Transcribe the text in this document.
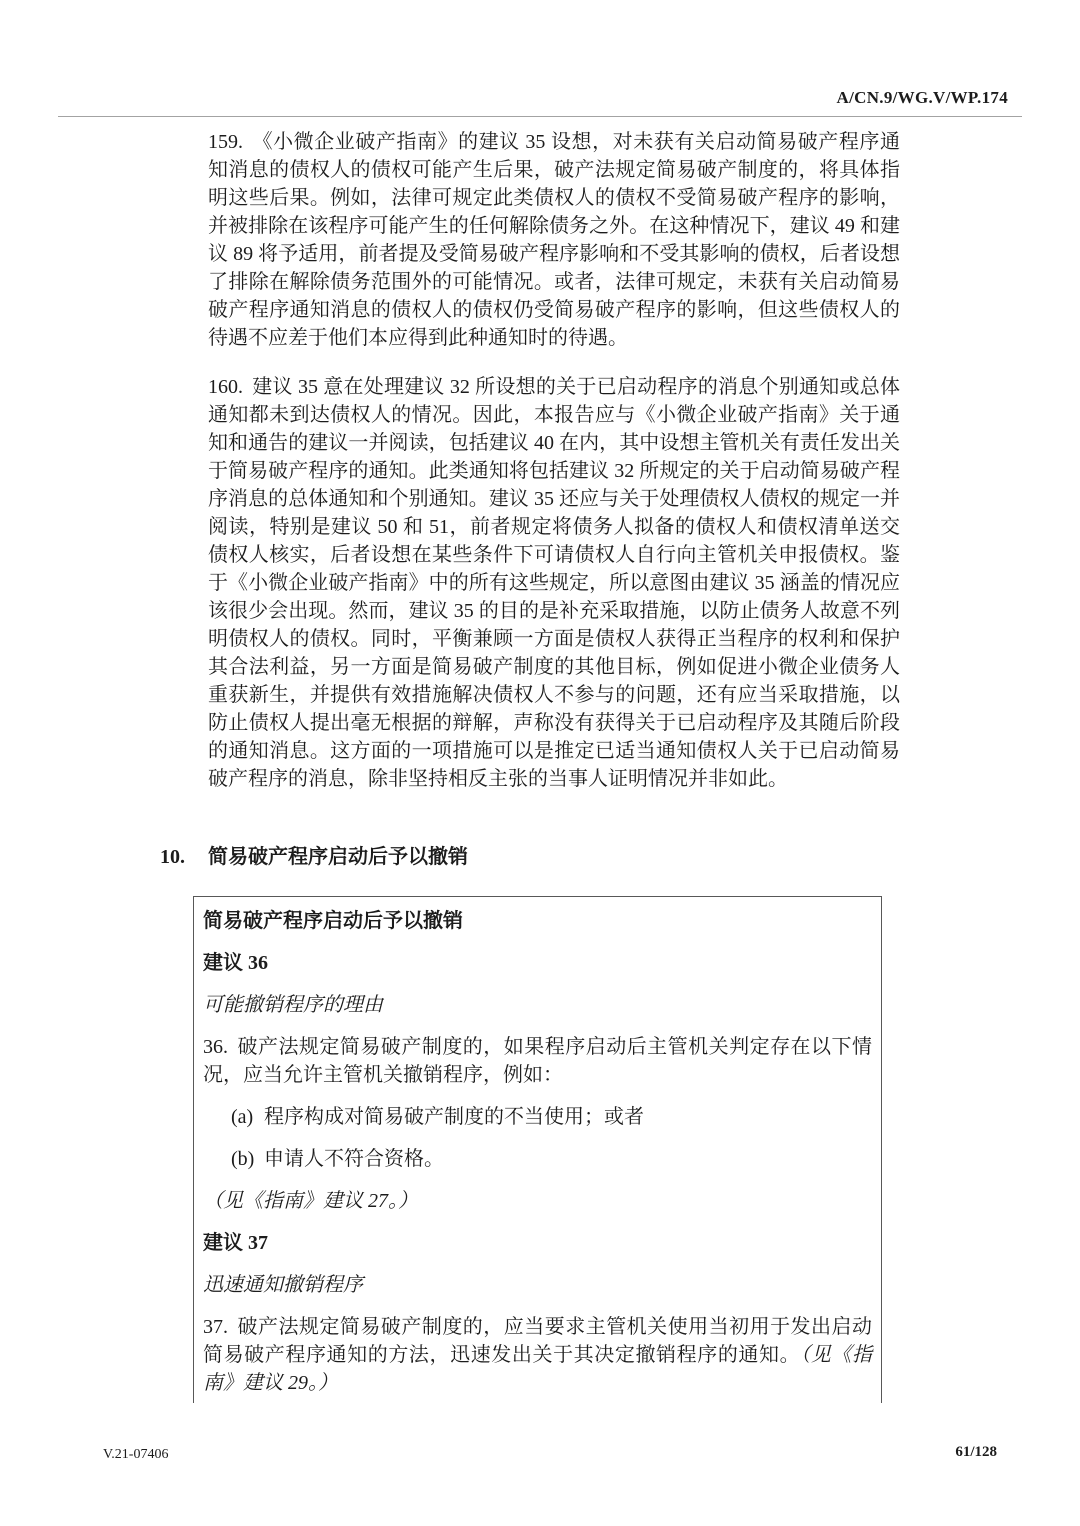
A/CN.9/WG.V/WP.174

159. 《小微企业破产指南》的建议 35 设想，对未获有关启动简易破产程序通知消息的债权人的债权可能产生后果，破产法规定简易破产制度的，将具体指明这些后果。例如，法律可规定此类债权人的债权不受简易破产程序的影响，并被排除在该程序可能产生的任何解除债务之外。在这种情况下，建议 49 和建议 89 将予适用，前者提及受简易破产程序影响和不受其影响的债权，后者设想了排除在解除债务范围外的可能情况。或者，法律可规定，未获有关启动简易破产程序通知消息的债权人的债权仍受简易破产程序的影响，但这些债权人的待遇不应差于他们本应得到此种通知时的待遇。

160. 建议 35 意在处理建议 32 所设想的关于已启动程序的消息个别通知或总体通知都未到达债权人的情况。因此，本报告应与《小微企业破产指南》关于通知和通告的建议一并阅读，包括建议 40 在内，其中设想主管机关有责任发出关于简易破产程序的通知。此类通知将包括建议 32 所规定的关于启动简易破产程序消息的总体通知和个别通知。建议 35 还应与关于处理债权人债权的规定一并阅读，特别是建议 50 和 51，前者规定将债务人拟备的债权人和债权清单送交债权人核实，后者设想在某些条件下可请债权人自行向主管机关申报债权。鉴于《小微企业破产指南》中的所有这些规定，所以意图由建议 35 涵盖的情况应该很少会出现。然而，建议 35 的目的是补充采取措施，以防止债务人故意不列明债权人的债权。同时，平衡兼顾一方面是债权人获得正当程序的权利和保护其合法利益，另一方面是简易破产制度的其他目标，例如促进小微企业债务人重获新生，并提供有效措施解决债权人不参与的问题，还有应当采取措施，以防止债权人提出毫无根据的辩解，声称没有获得关于已启动程序及其随后阶段的通知消息。这方面的一项措施可以是推定已适当通知债权人关于已启动简易破产程序的消息，除非坚持相反主张的当事人证明情况并非如此。

10.	简易破产程序启动后予以撤销
简易破产程序启动后予以撤销
建议 36
可能撤销程序的理由

36. 破产法规定简易破产制度的，如果程序启动后主管机关判定存在以下情况，应当允许主管机关撤销程序，例如：

(a) 程序构成对简易破产制度的不当使用；或者

(b) 申请人不符合资格。

（见《指南》建议 27。）

建议 37
迅速通知撤销程序

37. 破产法规定简易破产制度的，应当要求主管机关使用当初用于发出启动简易破产程序通知的方法，迅速发出关于其决定撤销程序的通知。（见《指南》建议 29。）

V.21-07406	61/128
